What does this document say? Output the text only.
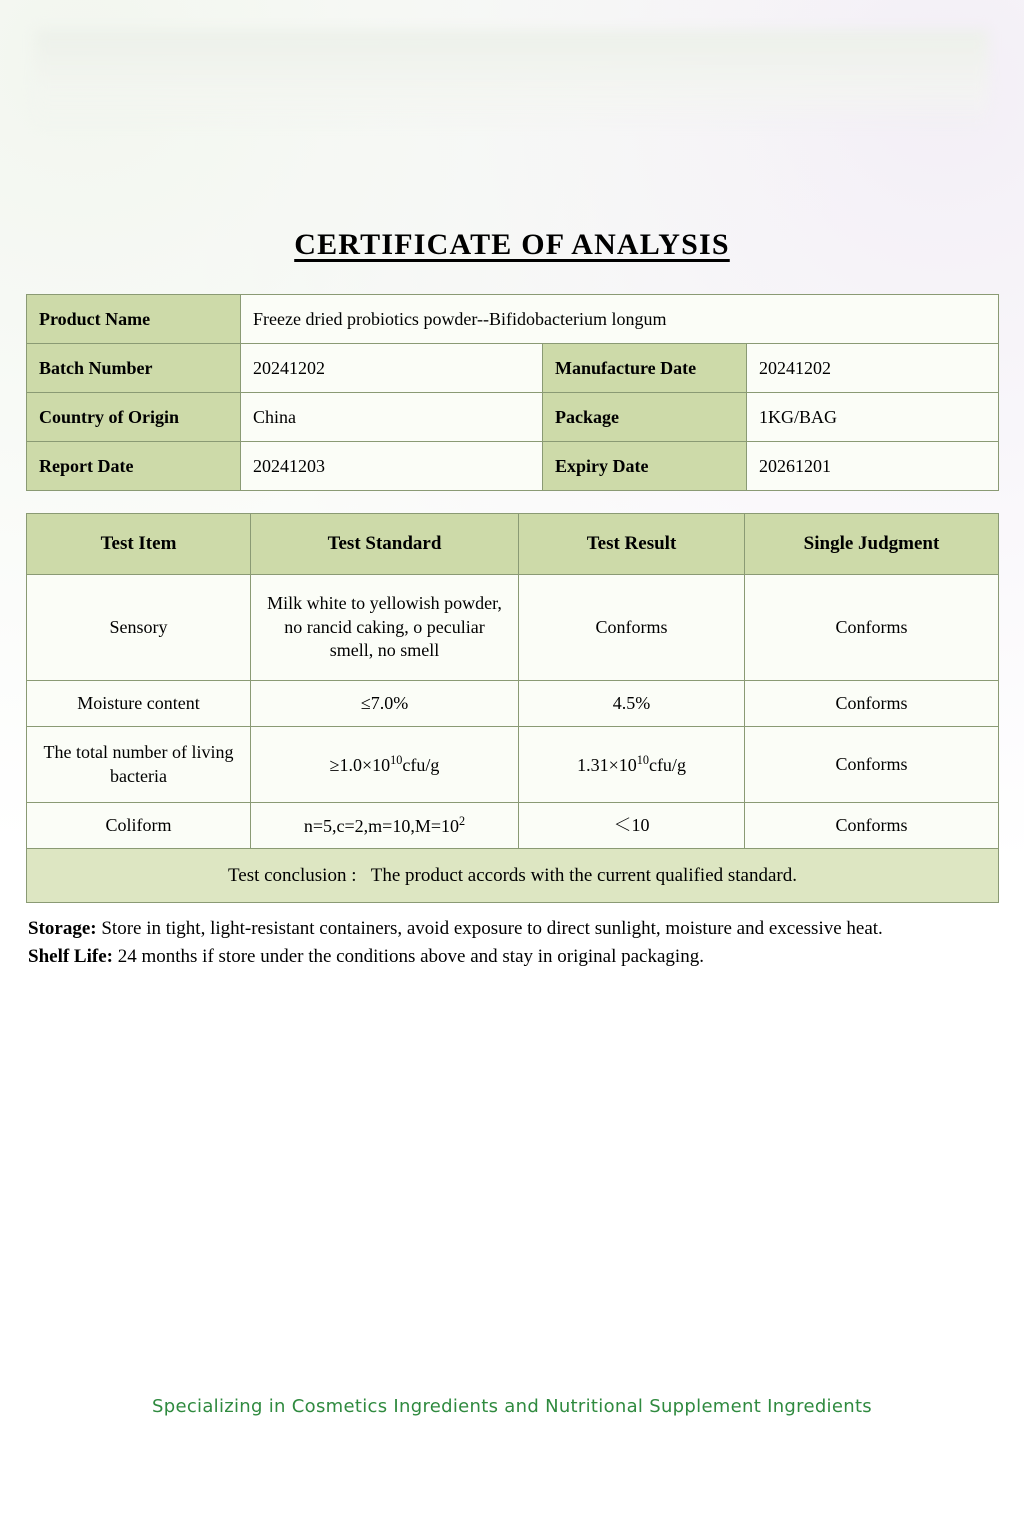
CERTIFICATE OF ANALYSIS
Product Name	Freeze dried probiotics powder--Bifidobacterium longum		
Batch Number	20241202	Manufacture Date	20241202
Country of Origin	China	Package	1KG/BAG
Report Date	20241203	Expiry Date	20261201
Test Item	Test Standard	Test Result	Single Judgment
Sensory	Milk white to yellowish powder, no rancid caking, o peculiar smell, no smell	Conforms	Conforms
Moisture content	≤7.0%	4.5%	Conforms
The total number of living bacteria	$\ge 1.0\times 10^{10}cfu/g$	$1.31\times 10^{10}cfu/g$	Conforms
Coliform	$n=5,c=2,m=10,M=10^2$	＜10	Conforms
Test conclusion : The product accords with the current qualified standard.			
Storage: Store in tight, light-resistant containers, avoid exposure to direct sunlight, moisture and excessive heat.
Shelf Life: 24 months if store under the conditions above and stay in original packaging.
Specializing in Cosmetics Ingredients and Nutritional Supplement Ingredients
